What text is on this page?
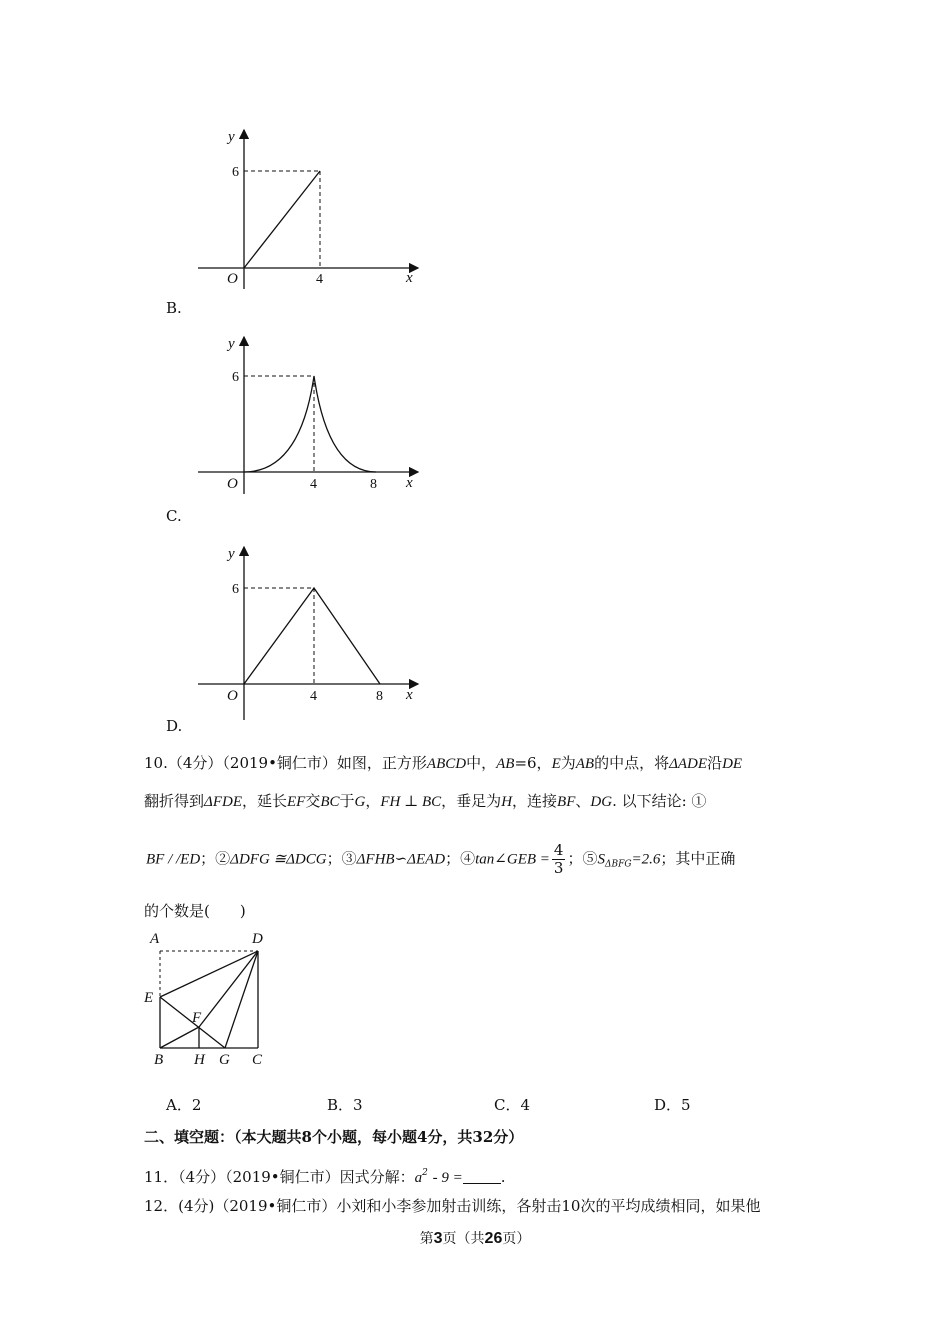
y
6
O	4	x
B.
y
6
O	4	8 x
C.
y
6
O	4	8 x
D.
10.（4分）（2019•铜仁市）如图，正方形ABCD中，AB=6，E为AB的中点，将ΔADE沿DE
翻折得到ΔFDE，延长EF交BC于G，FH ⊥ BC，垂足为H，连接BF、DG. 以下结论: ①
BF / /ED；②ΔDFG ≅ΔDCG；③ΔFHB∽ΔEAD；④tan∠GEB = $\frac{4}{3}$ ；$⑤S_{\Delta BFG}=2.6$；其中正确
的个数是(　　)
A	D
E
F
B H G C
A．2	B．3	C．4	D．5
二、填空题：（本大题共8个小题，每小题4分，共32分）
11．（4分）（2019•铜仁市）因式分解：$a^2 - 9$ =	.
12．(4分)（2019•铜仁市）小刘和小李参加射击训练，各射击10次的平均成绩相同，如果他
第3页（共26页）
